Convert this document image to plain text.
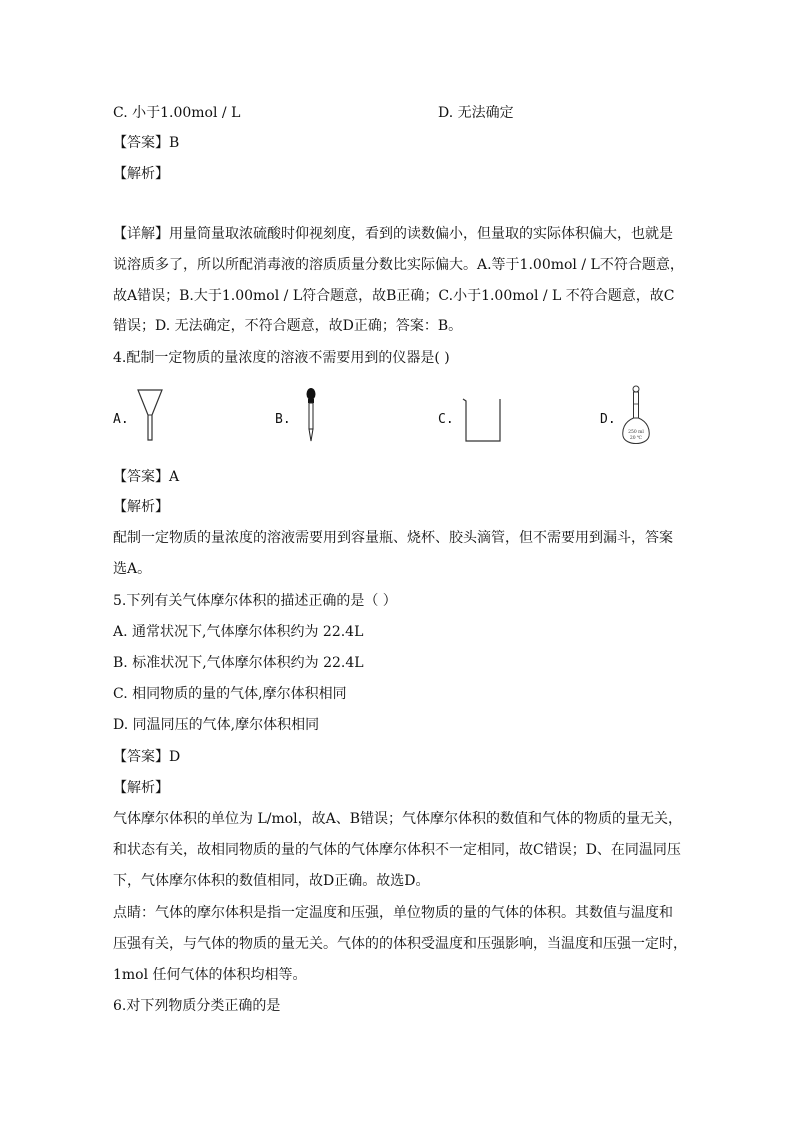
C. 小于1.00mol / L	D. 无法确定
【答案】B
【解析】
【详解】用量筒量取浓硫酸时仰视刻度，看到的读数偏小，但量取的实际体积偏大，也就是
说溶质多了，所以所配消毒液的溶质质量分数比实际偏大。A.等于1.00mol / L不符合题意，
故A错误；B.大于1.00mol / L符合题意，故B正确；C.小于1.00mol / L 不符合题意，故C
错误；D. 无法确定，不符合题意，故D正确；答案：B。
4.配制一定物质的量浓度的溶液不需要用到的仪器是( )
A.	B.	C.	D.
250 ml
20 ℃
【答案】A
【解析】
配制一定物质的量浓度的溶液需要用到容量瓶、烧杯、胶头滴管，但不需要用到漏斗，答案
选A。
5.下列有关气体摩尔体积的描述正确的是（ ）
A. 通常状况下,气体摩尔体积约为 22.4L
B. 标准状况下,气体摩尔体积约为 22.4L
C. 相同物质的量的气体,摩尔体积相同
D. 同温同压的气体,摩尔体积相同
【答案】D
【解析】
气体摩尔体积的单位为 L/mol，故A、B错误；气体摩尔体积的数值和气体的物质的量无关，
和状态有关，故相同物质的量的气体的气体摩尔体积不一定相同，故C错误；D、在同温同压
下，气体摩尔体积的数值相同，故D正确。故选D。
点睛：气体的摩尔体积是指一定温度和压强，单位物质的量的气体的体积。其数值与温度和
压强有关，与气体的物质的量无关。气体的的体积受温度和压强影响，当温度和压强一定时，
1mol 任何气体的体积均相等。
6.对下列物质分类正确的是
